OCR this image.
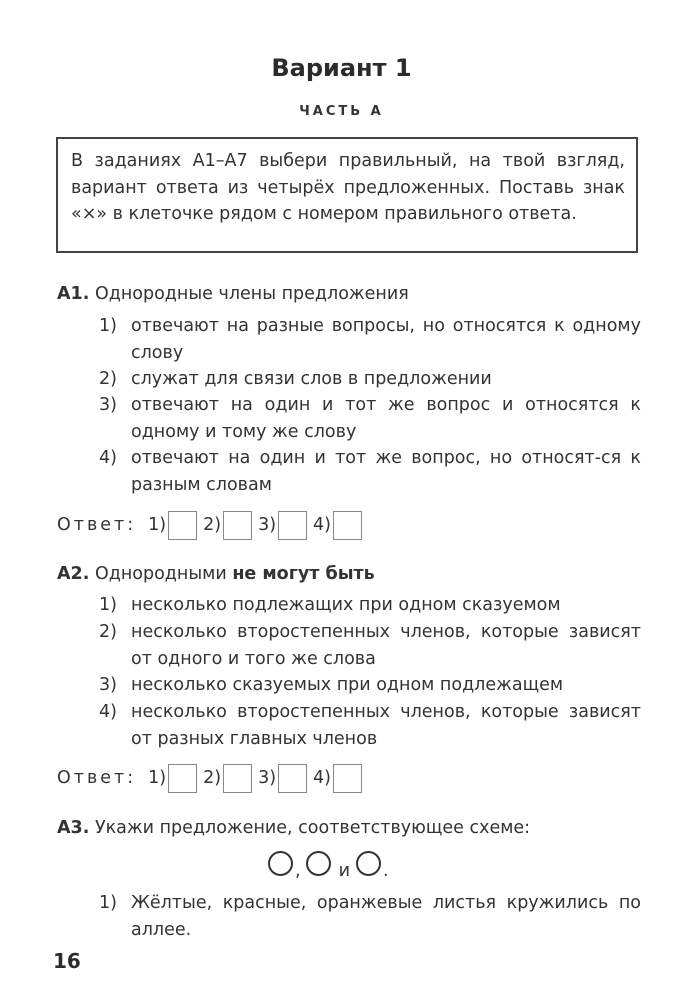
Вариант 1
ЧАСТЬ А
В заданиях А1–А7 выбери правильный, на твой взгляд, вариант ответа из четырёх предложенных. Поставь знак «×» в клеточке рядом с номером правильного ответа.
А1. Однородные члены предложения
1) отвечают на разные вопросы, но относятся к одному слову
2) служат для связи слов в предложении
3) отвечают на один и тот же вопрос и относятся к одному и тому же слову
4) отвечают на один и тот же вопрос, но относят-ся к разным словам
Ответ: 1) 2) 3) 4)
А2. Однородными не могут быть
1) несколько подлежащих при одном сказуемом
2) несколько второстепенных членов, которые зависят от одного и того же слова
3) несколько сказуемых при одном подлежащем
4) несколько второстепенных членов, которые зависят от разных главных членов
Ответ: 1) 2) 3) 4)
А3. Укажи предложение, соответствующее схеме:
, и .
1) Жёлтые, красные, оранжевые листья кружились по аллее.
16
